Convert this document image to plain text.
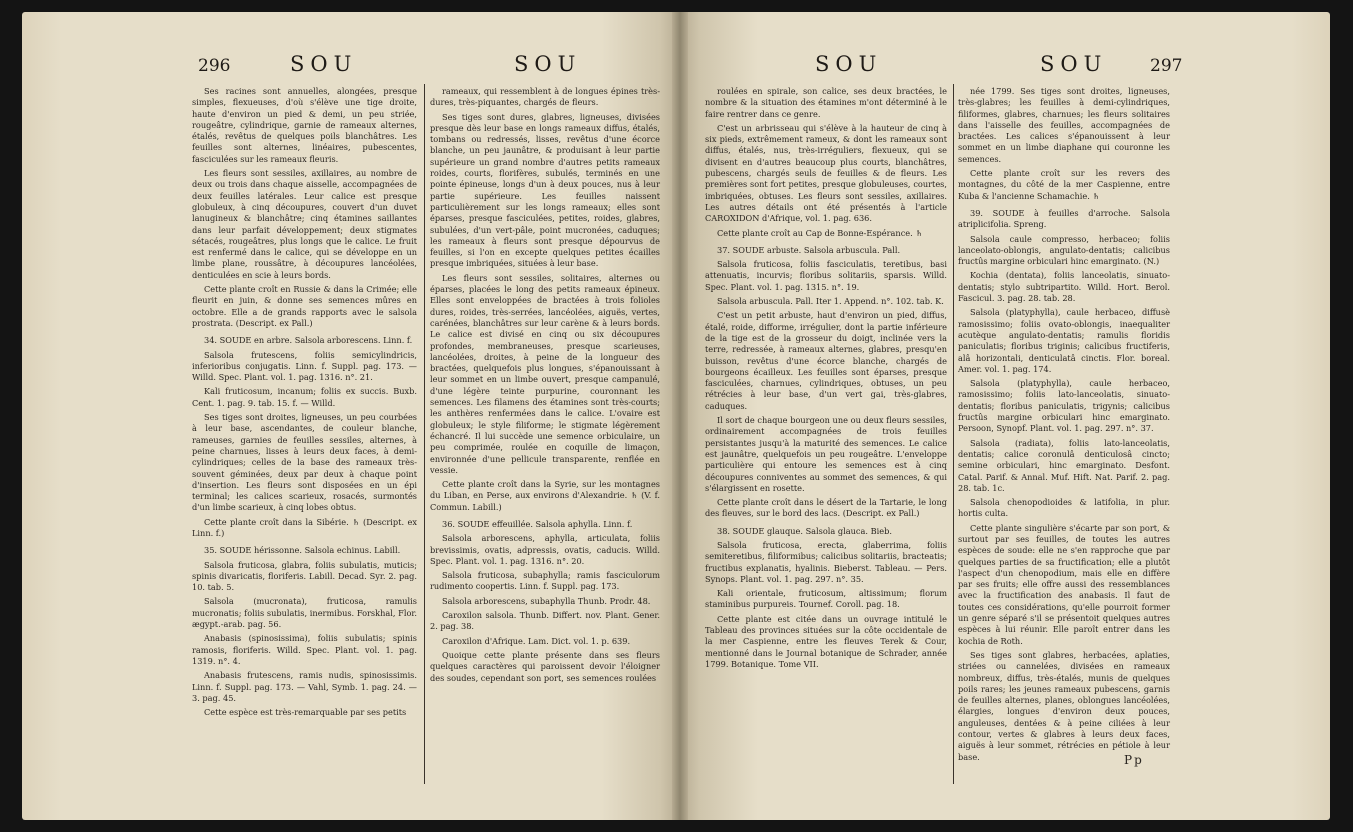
296	SOU	SOU	SOU	SOU	297

Ses racines sont annuelles, alongées, presque simples, flexueuses, d'où s'élève une tige droite, haute d'environ un pied & demi, un peu striée, rougeâtre, cylindrique, garnie de rameaux alternes, étalés, revêtus de quelques poils blanchâtres. Les feuilles sont alternes, linéaires, pubescentes, fasciculées sur les rameaux fleuris.

Les fleurs sont sessiles, axillaires, au nombre de deux ou trois dans chaque aisselle, accompagnées de deux feuilles latérales. Leur calice est presque globuleux, à cinq découpures, couvert d'un duvet lanugineux & blanchâtre; cinq étamines saillantes dans leur parfait développement; deux stigmates sétacés, rougeâtres, plus longs que le calice. Le fruit est renfermé dans le calice, qui se développe en un limbe plane, roussâtre, à découpures lancéolées, denticulées en scie à leurs bords.

Cette plante croît en Russie & dans la Crimée; elle fleurit en juin, & donne ses semences mûres en octobre. Elle a de grands rapports avec le salsola prostrata. (Descript. ex Pall.)

34. SOUDE en arbre. Salsola arborescens. Linn. f.

Salsola frutescens, foliis semicylindricis, inferioribus conjugatis. Linn. f. Suppl. pag. 173. — Willd. Spec. Plant. vol. 1. pag. 1316. n°. 21.

Kali fruticosum, incanum; foliis ex succis. Buxb. Cent. 1. pag. 9. tab. 15. f. — Willd.

Ses tiges sont droites, ligneuses, un peu courbées à leur base, ascendantes, de couleur blanche, rameuses, garnies de feuilles sessiles, alternes, à peine charnues, lisses à leurs deux faces, à demi-cylindriques; celles de la base des rameaux très-souvent géminées, deux par deux à chaque point d'insertion. Les fleurs sont disposées en un épi terminal; les calices scarieux, rosacés, surmontés d'un limbe scarieux, à cinq lobes obtus.

Cette plante croît dans la Sibérie. ♄ (Descript. ex Linn. f.)

35. SOUDE hérissonne. Salsola echinus. Labill.

Salsola fruticosa, glabra, foliis subulatis, muticis; spinis divaricatis, floriferis. Labill. Decad. Syr. 2. pag. 10. tab. 5.

Salsola (mucronata), fruticosa, ramulis mucronatis; foliis subulatis, inermibus. Forskhal, Flor. ægypt.-arab. pag. 56.

Anabasis (spinosissima), foliis subulatis; spinis ramosis, floriferis. Willd. Spec. Plant. vol. 1. pag. 1319. n°. 4.

Anabasis frutescens, ramis nudis, spinosissimis. Linn. f. Suppl. pag. 173. — Vahl, Symb. 1. pag. 24. — 3. pag. 45.

Cette espèce est très-remarquable par ses petits

rameaux, qui ressemblent à de longues épines très-dures, très-piquantes, chargés de fleurs.

Ses tiges sont dures, glabres, ligneuses, divisées presque dès leur base en longs rameaux diffus, étalés, tombans ou redressés, lisses, revêtus d'une écorce blanche, un peu jaunâtre, & produisant à leur partie supérieure un grand nombre d'autres petits rameaux roides, courts, florifères, subulés, terminés en une pointe épineuse, longs d'un à deux pouces, nus à leur partie supérieure. Les feuilles naissent particulièrement sur les longs rameaux; elles sont éparses, presque fasciculées, petites, roides, glabres, subulées, d'un vert-pâle, point mucronées, caduques; les rameaux à fleurs sont presque dépourvus de feuilles, si l'on en excepte quelques petites écailles presque imbriquées, situées à leur base.

Les fleurs sont sessiles, solitaires, alternes ou éparses, placées le long des petits rameaux épineux. Elles sont enveloppées de bractées à trois folioles dures, roides, très-serrées, lancéolées, aiguës, vertes, carénées, blanchâtres sur leur carène & à leurs bords. Le calice est divisé en cinq ou six découpures profondes, membraneuses, presque scarieuses, lancéolées, droites, à peine de la longueur des bractées, quelquefois plus longues, s'épanouissant à leur sommet en un limbe ouvert, presque campanulé, d'une légère teinte purpurine, couronnant les semences. Les filamens des étamines sont très-courts; les anthères renfermées dans le calice. L'ovaire est globuleux; le style filiforme; le stigmate légèrement échancré. Il lui succède une semence orbiculaire, un peu comprimée, roulée en coquille de limaçon, environnée d'une pellicule transparente, renflée en vessie.

Cette plante croît dans la Syrie, sur les montagnes du Liban, en Perse, aux environs d'Alexandrie. ♄ (V. f. Commun. Labill.)

36. SOUDE effeuillée. Salsola aphylla. Linn. f.

Salsola arborescens, aphylla, articulata, foliis brevissimis, ovatis, adpressis, ovatis, caducis. Willd. Spec. Plant. vol. 1. pag. 1316. n°. 20.

Salsola fruticosa, subaphylla; ramis fasciculorum rudimento coopertis. Linn. f. Suppl. pag. 173.

Salsola arborescens, subaphylla Thunb. Prodr. 48.

Caroxilon salsola. Thunb. Differt. nov. Plant. Gener. 2. pag. 38.

Caroxilon d'Afrique. Lam. Dict. vol. 1. p. 639.

Quoique cette plante présente dans ses fleurs quelques caractères qui paroissent devoir l'éloigner des soudes, cependant son port, ses semences roulées

roulées en spirale, son calice, ses deux bractées, le nombre & la situation des étamines m'ont déterminé à le faire rentrer dans ce genre.

C'est un arbrisseau qui s'élève à la hauteur de cinq à six pieds, extrêmement rameux, & dont les rameaux sont diffus, étalés, nus, très-irréguliers, flexueux, qui se divisent en d'autres beaucoup plus courts, blanchâtres, pubescens, chargés seuls de feuilles & de fleurs. Les premières sont fort petites, presque globuleuses, courtes, imbriquées, obtuses. Les fleurs sont sessiles, axillaires. Les autres détails ont été présentés à l'article CAROXIDON d'Afrique, vol. 1. pag. 636.

Cette plante croît au Cap de Bonne-Espérance. ♄

37. SOUDE arbuste. Salsola arbuscula. Pall.

Salsola fruticosa, foliis fasciculatis, teretibus, basi attenuatis, incurvis; floribus solitariis, sparsis. Willd. Spec. Plant. vol. 1. pag. 1315. n°. 19.

Salsola arbuscula. Pall. Iter 1. Append. n°. 102. tab. K.

C'est un petit arbuste, haut d'environ un pied, diffus, étalé, roide, difforme, irrégulier, dont la partie inférieure de la tige est de la grosseur du doigt, inclinée vers la terre, redressée, à rameaux alternes, glabres, presqu'en buisson, revêtus d'une écorce blanche, chargés de bourgeons écailleux. Les feuilles sont éparses, presque fasciculées, charnues, cylindriques, obtuses, un peu rétrécies à leur base, d'un vert gai, très-glabres, caduques.

Il sort de chaque bourgeon une ou deux fleurs sessiles, ordinairement accompagnées de trois feuilles persistantes jusqu'à la maturité des semences. Le calice est jaunâtre, quelquefois un peu rougeâtre. L'enveloppe particulière qui entoure les semences est à cinq découpures conniventes au sommet des semences, & qui s'élargissent en rosette.

Cette plante croît dans le désert de la Tartarie, le long des fleuves, sur le bord des lacs. (Descript. ex Pall.)

38. SOUDE glauque. Salsola glauca. Bieb.

Salsola fruticosa, erecta, glaberrima, foliis semiteretibus, filiformibus; calicibus solitariis, bracteatis; fructibus explanatis, hyalinis. Bieberst. Tableau. — Pers. Synops. Plant. vol. 1. pag. 297. n°. 35.

Kali orientale, fruticosum, altissimum; florum staminibus purpureis. Tournef. Coroll. pag. 18.

Cette plante est citée dans un ouvrage intitulé le Tableau des provinces situées sur la côte occidentale de la mer Caspienne, entre les fleuves Terek & Cour, mentionné dans le Journal botanique de Schrader, année 1799. Botanique. Tome VII.

née 1799. Ses tiges sont droites, ligneuses, très-glabres; les feuilles à demi-cylindriques, filiformes, glabres, charnues; les fleurs solitaires dans l'aisselle des feuilles, accompagnées de bractées. Les calices s'épanouissent à leur sommet en un limbe diaphane qui couronne les semences.

Cette plante croît sur les revers des montagnes, du côté de la mer Caspienne, entre Kuba & l'ancienne Schamachie. ♄

39. SOUDE à feuilles d'arroche. Salsola atriplicifolia. Spreng.

Salsola caule compresso, herbaceo; foliis lanceolato-oblongis, angulato-dentatis; calicibus fructûs margine orbiculari hinc emarginato. (N.)

Kochia (dentata), foliis lanceolatis, sinuato-dentatis; stylo subtripartito. Willd. Hort. Berol. Fascicul. 3. pag. 28. tab. 28.

Salsola (platyphylla), caule herbaceo, diffusè ramosissimo; foliis ovato-oblongis, inaequaliter acutèque angulato-dentatis; ramulis floridis paniculatis; floribus triginis; calicibus fructiferis, alâ horizontali, denticulatâ cinctis. Flor. boreal. Amer. vol. 1. pag. 174.

Salsola (platyphylla), caule herbaceo, ramosissimo; foliis lato-lanceolatis, sinuato-dentatis; floribus paniculatis, trigynis; calicibus fructûs margine orbiculari hinc emarginato. Persoon, Synopf. Plant. vol. 1. pag. 297. n°. 37.

Salsola (radiata), foliis lato-lanceolatis, dentatis; calice coronulâ denticulosâ cincto; semine orbiculari, hinc emarginato. Desfont. Catal. Parif. & Annal. Muf. Hift. Nat. Parif. 2. pag. 28. tab. 1c.

Salsola chenopodioides & latifolia, in plur. hortis culta.

Cette plante singulière s'écarte par son port, & surtout par ses feuilles, de toutes les autres espèces de soude: elle ne s'en rapproche que par quelques parties de sa fructification; elle a plutôt l'aspect d'un chenopodium, mais elle en diffère par ses fruits; elle offre aussi des ressemblances avec la fructification des anabasis. Il faut de toutes ces considérations, qu'elle pourroit former un genre séparé s'il se présentoit quelques autres espèces à lui réunir. Elle paroît entrer dans les kochia de Roth.

Ses tiges sont glabres, herbacées, aplaties, striées ou cannelées, divisées en rameaux nombreux, diffus, très-étalés, munis de quelques poils rares; les jeunes rameaux pubescens, garnis de feuilles alternes, planes, oblongues lancéolées, élargies, longues d'environ deux pouces, anguleuses, dentées & à peine ciliées à leur contour, vertes & glabres à leurs deux faces, aiguës à leur sommet, rétrécies en pétiole à leur base.	Pp
